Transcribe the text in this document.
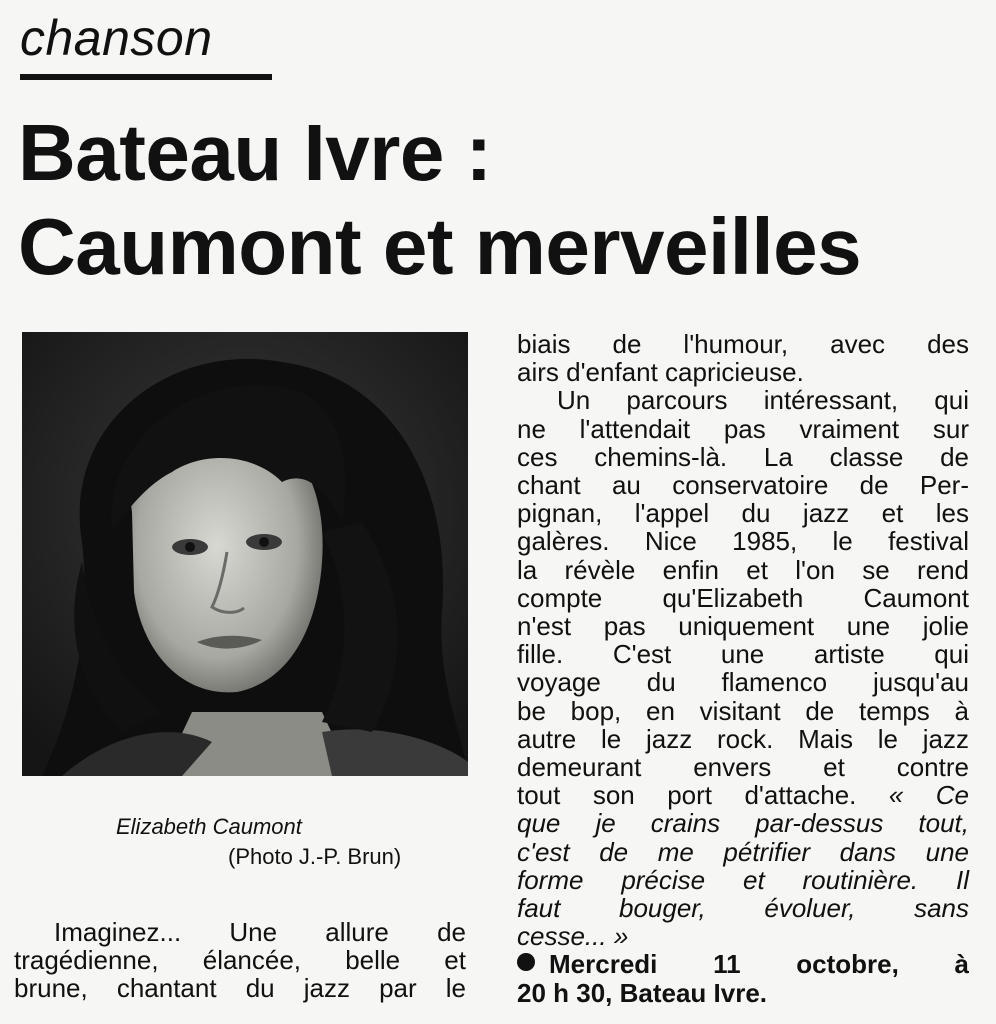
chanson
Bateau Ivre :
Caumont et merveilles
Elizabeth Caumont
(Photo J.-P. Brun)
Imaginez... Une allure de
tragédienne, élancée, belle et
brune, chantant du jazz par le
biais de l'humour, avec des
airs d'enfant capricieuse.
Un parcours intéressant, qui
ne l'attendait pas vraiment sur
ces chemins-là. La classe de
chant au conservatoire de Per-
pignan, l'appel du jazz et les
galères. Nice 1985, le festival
la révèle enfin et l'on se rend
compte qu'Elizabeth Caumont
n'est pas uniquement une jolie
fille. C'est une artiste qui
voyage du flamenco jusqu'au
be bop, en visitant de temps à
autre le jazz rock. Mais le jazz
demeurant envers et contre
tout son port d'attache. « Ce
que je crains par-dessus tout,
c'est de me pétrifier dans une
forme précise et routinière. Il
faut bouger, évoluer, sans
cesse... »
Mercredi 11 octobre, à
20 h 30, Bateau Ivre.
